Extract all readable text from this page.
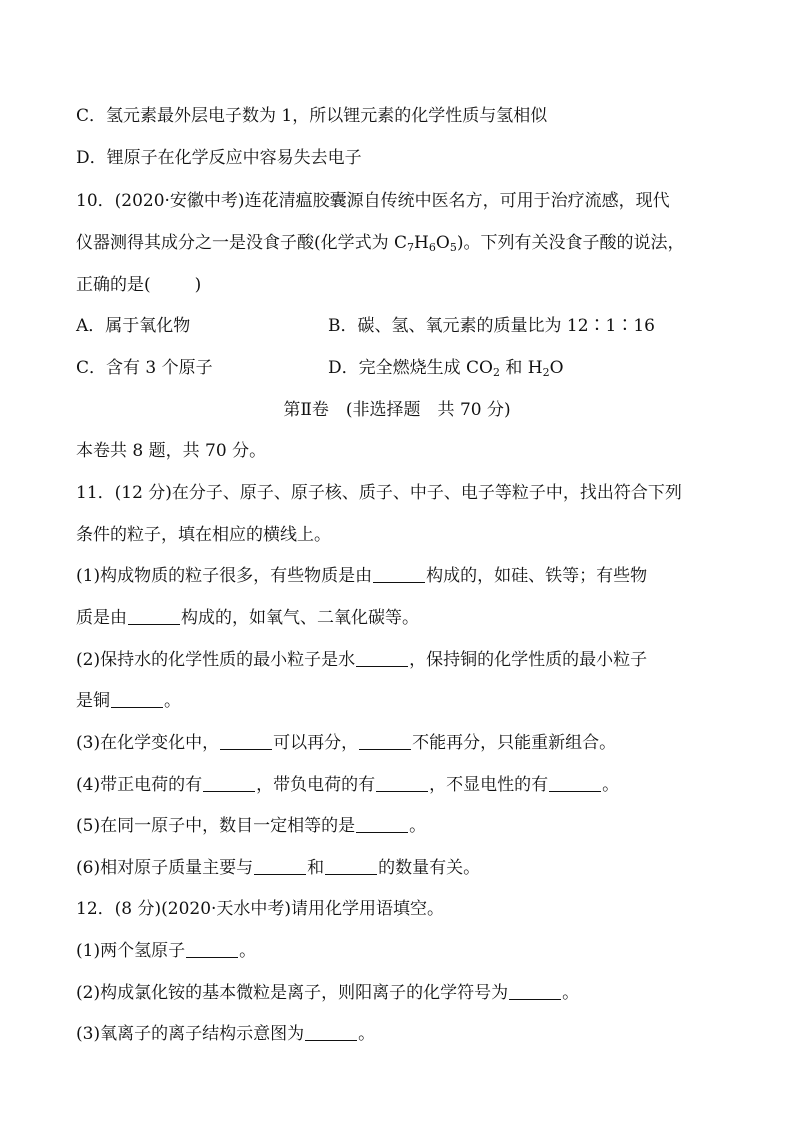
C．氢元素最外层电子数为 1，所以锂元素的化学性质与氢相似
D．锂原子在化学反应中容易失去电子
10．(2020·安徽中考)连花清瘟胶囊源自传统中医名方，可用于治疗流感，现代
仪器测得其成分之一是没食子酸(化学式为 $C_7H_6O_5$)。下列有关没食子酸的说法，
正确的是(	)
A．属于氧化物	B．碳、氢、氧元素的质量比为 12∶1∶16
C．含有 3 个原子	D．完全燃烧生成 $CO_2$ 和 $H_2O$
第Ⅱ卷　(非选择题　共 70 分)
本卷共 8 题，共 70 分。
11．(12 分)在分子、原子、原子核、质子、中子、电子等粒子中，找出符合下列
条件的粒子，填在相应的横线上。
(1)构成物质的粒子很多，有些物质是由	构成的，如硅、铁等；有些物
质是由	构成的，如氧气、二氧化碳等。
(2)保持水的化学性质的最小粒子是水	，保持铜的化学性质的最小粒子
是铜	。
(3)在化学变化中，	可以再分，	不能再分，只能重新组合。
(4)带正电荷的有	，带负电荷的有	，不显电性的有	。
(5)在同一原子中，数目一定相等的是	。
(6)相对原子质量主要与	和	的数量有关。
12．(8 分)(2020·天水中考)请用化学用语填空。
(1)两个氢原子	。
(2)构成氯化铵的基本微粒是离子，则阳离子的化学符号为	。
(3)氧离子的离子结构示意图为	。
